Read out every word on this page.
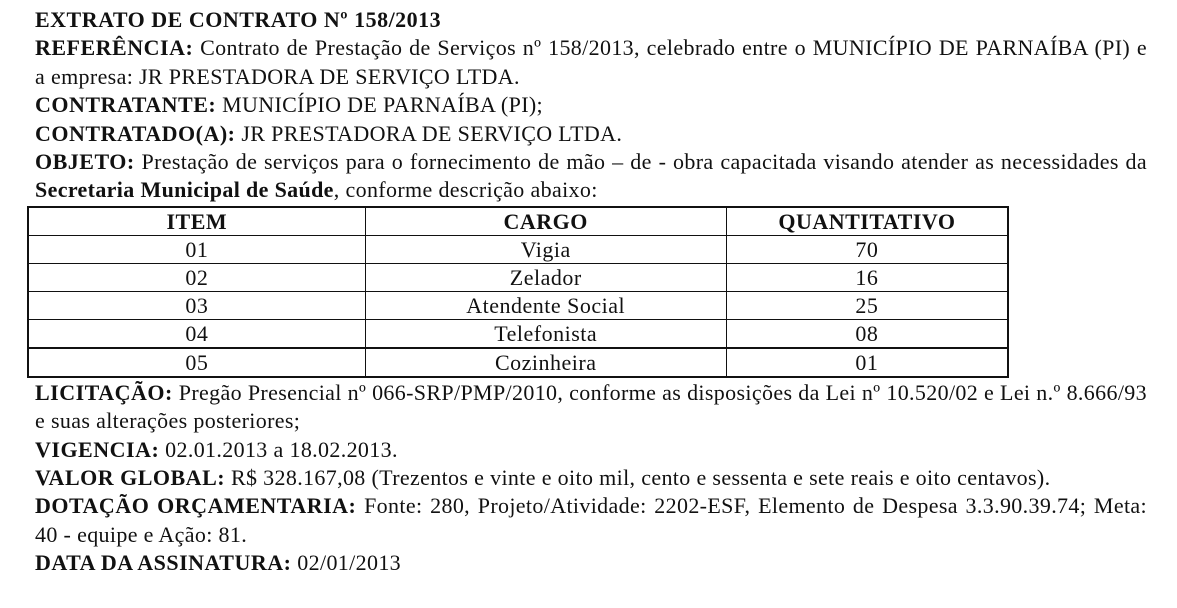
EXTRATO DE CONTRATO Nº 158/2013

REFERÊNCIA: Contrato de Prestação de Serviços nº 158/2013, celebrado entre o MUNICÍPIO DE PARNAÍBA (PI) e a empresa: JR PRESTADORA DE SERVIÇO LTDA.

CONTRATANTE: MUNICÍPIO DE PARNAÍBA (PI);

CONTRATADO(A): JR PRESTADORA DE SERVIÇO LTDA.

OBJETO: Prestação de serviços para o fornecimento de mão – de - obra capacitada visando atender as necessidades da Secretaria Municipal de Saúde, conforme descrição abaixo:

ITEM	CARGO	QUANTITATIVO
01	Vigia	70
02	Zelador	16
03	Atendente Social	25
04	Telefonista	08
05	Cozinheira	01

LICITAÇÃO: Pregão Presencial nº 066-SRP/PMP/2010, conforme as disposições da Lei nº 10.520/02 e Lei n.º 8.666/93 e suas alterações posteriores;

VIGENCIA: 02.01.2013 a 18.02.2013.

VALOR GLOBAL: R$ 328.167,08 (Trezentos e vinte e oito mil, cento e sessenta e sete reais e oito centavos).

DOTAÇÃO ORÇAMENTARIA: Fonte: 280, Projeto/Atividade: 2202-ESF, Elemento de Despesa 3.3.90.39.74; Meta: 40 - equipe e Ação: 81.

DATA DA ASSINATURA: 02/01/2013
